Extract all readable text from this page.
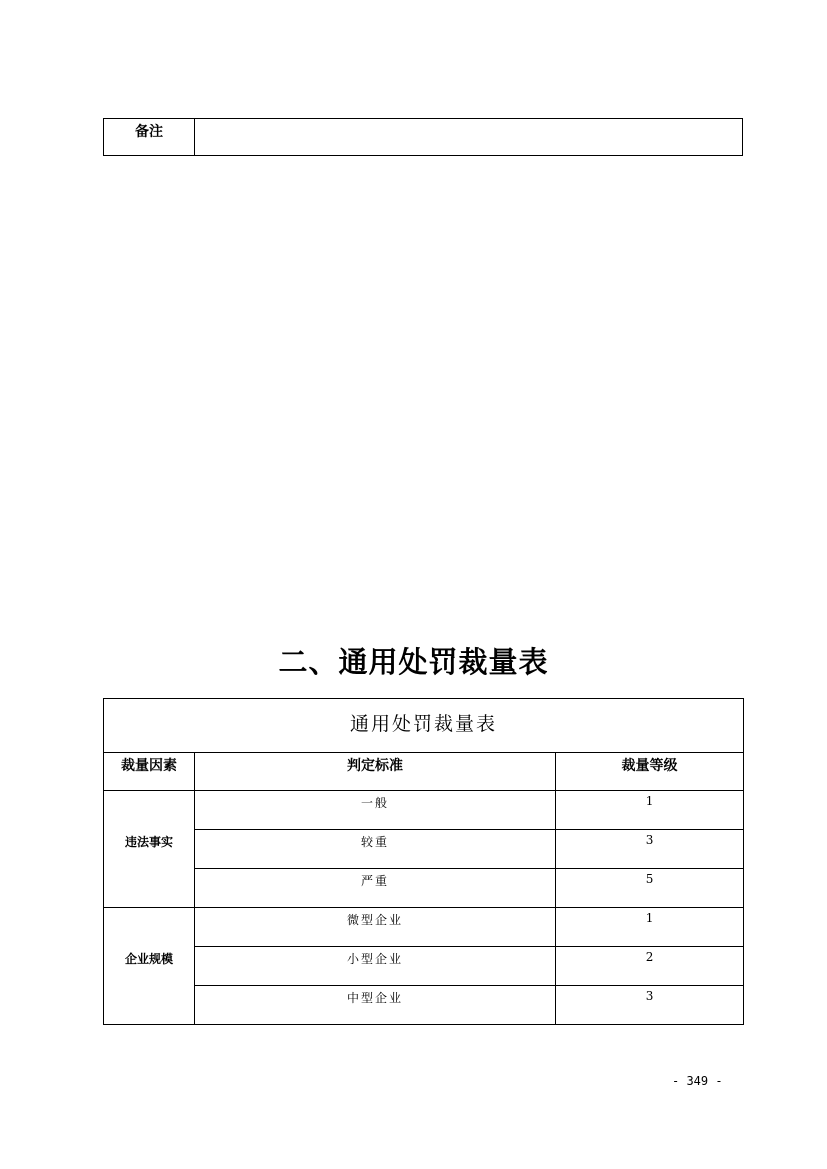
备注	
二、通用处罚裁量表
通用处罚裁量表		
裁量因素	判定标准	裁量等级
违法事实	一般	1
	较重	3
	严重	5
企业规模	微型企业	1
	小型企业	2
	中型企业	3
- 349 -
